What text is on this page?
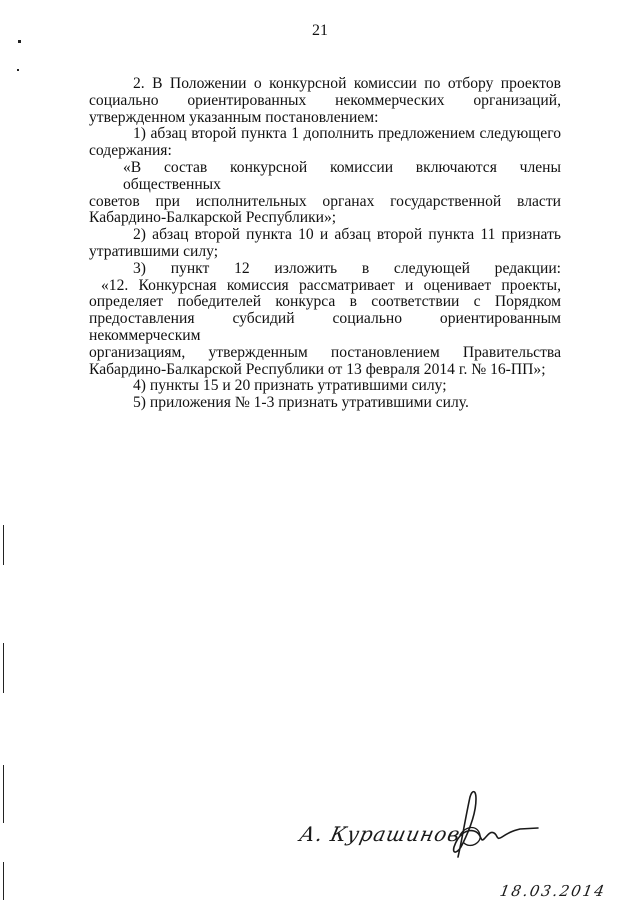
21
2. В Положении о конкурсной комиссии по отбору проектов
социально ориентированных некоммерческих организаций,
утвержденном указанным постановлением:
1) абзац второй пункта 1 дополнить предложением следующего
содержания:
«В состав конкурсной комиссии включаются члены общественных
советов при исполнительных органах государственной власти
Кабардино-Балкарской Республики»;
2) абзац второй пункта 10 и абзац второй пункта 11 признать
утратившими силу;
3) пункт 12 изложить в следующей редакции:
«12. Конкурсная комиссия рассматривает и оценивает проекты,
определяет победителей конкурса в соответствии с Порядком
предоставления субсидий социально ориентированным некоммерческим
организациям, утвержденным постановлением Правительства
Кабардино-Балкарской Республики от 13 февраля 2014 г. № 16-ПП»;
4) пункты 15 и 20 признать утратившими силу;
5) приложения № 1-3 признать утратившими силу.
А. Курашинов
18.03.2014
